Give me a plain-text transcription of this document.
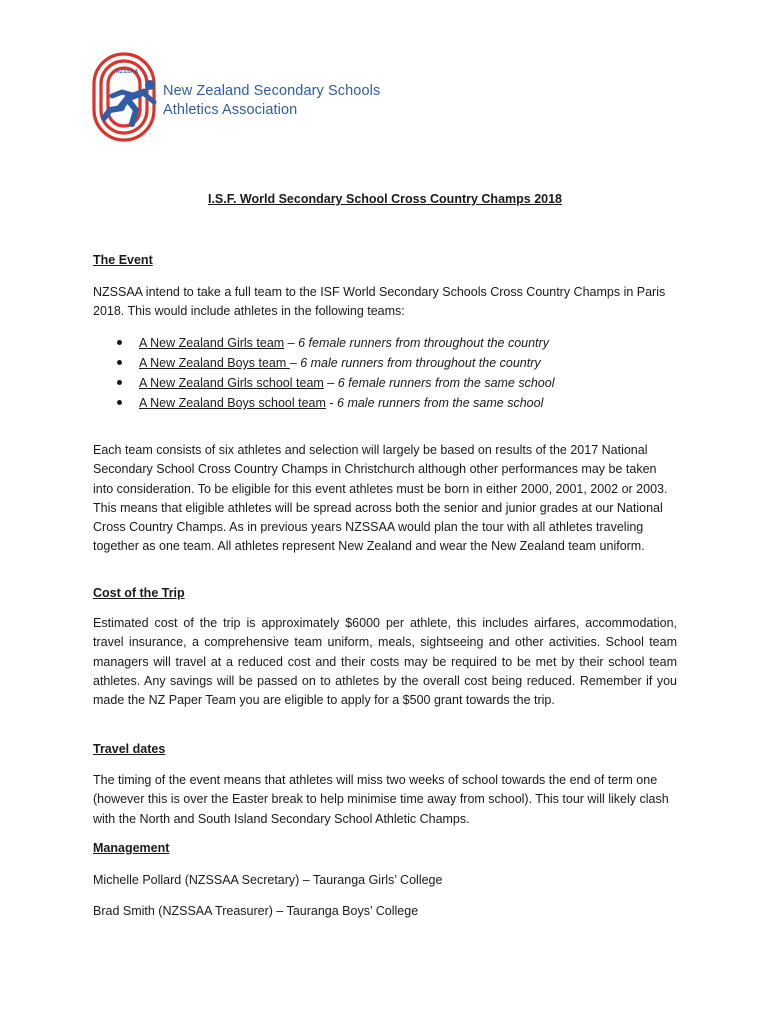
NZSSAA
New Zealand Secondary Schools
Athletics Association
I.S.F. World Secondary School Cross Country Champs 2018
The Event
NZSSAA intend to take a full team to the ISF World Secondary Schools Cross Country Champs in Paris 2018. This would include athletes in the following teams:
A New Zealand Girls team – 6 female runners from throughout the country
A New Zealand Boys team – 6 male runners from throughout the country
A New Zealand Girls school team – 6 female runners from the same school
A New Zealand Boys school team - 6 male runners from the same school
Each team consists of six athletes and selection will largely be based on results of the 2017 National Secondary School Cross Country Champs in Christchurch although other performances may be taken into consideration. To be eligible for this event athletes must be born in either 2000, 2001, 2002 or 2003. This means that eligible athletes will be spread across both the senior and junior grades at our National Cross Country Champs. As in previous years NZSSAA would plan the tour with all athletes traveling together as one team. All athletes represent New Zealand and wear the New Zealand team uniform.
Cost of the Trip
Estimated cost of the trip is approximately $6000 per athlete, this includes airfares, accommodation, travel insurance, a comprehensive team uniform, meals, sightseeing and other activities. School team managers will travel at a reduced cost and their costs may be required to be met by their school team athletes. Any savings will be passed on to athletes by the overall cost being reduced. Remember if you made the NZ Paper Team you are eligible to apply for a $500 grant towards the trip.
Travel dates
The timing of the event means that athletes will miss two weeks of school towards the end of term one (however this is over the Easter break to help minimise time away from school). This tour will likely clash with the North and South Island Secondary School Athletic Champs.
Management
Michelle Pollard (NZSSAA Secretary) – Tauranga Girls’ College
Brad Smith (NZSSAA Treasurer) – Tauranga Boys’ College
